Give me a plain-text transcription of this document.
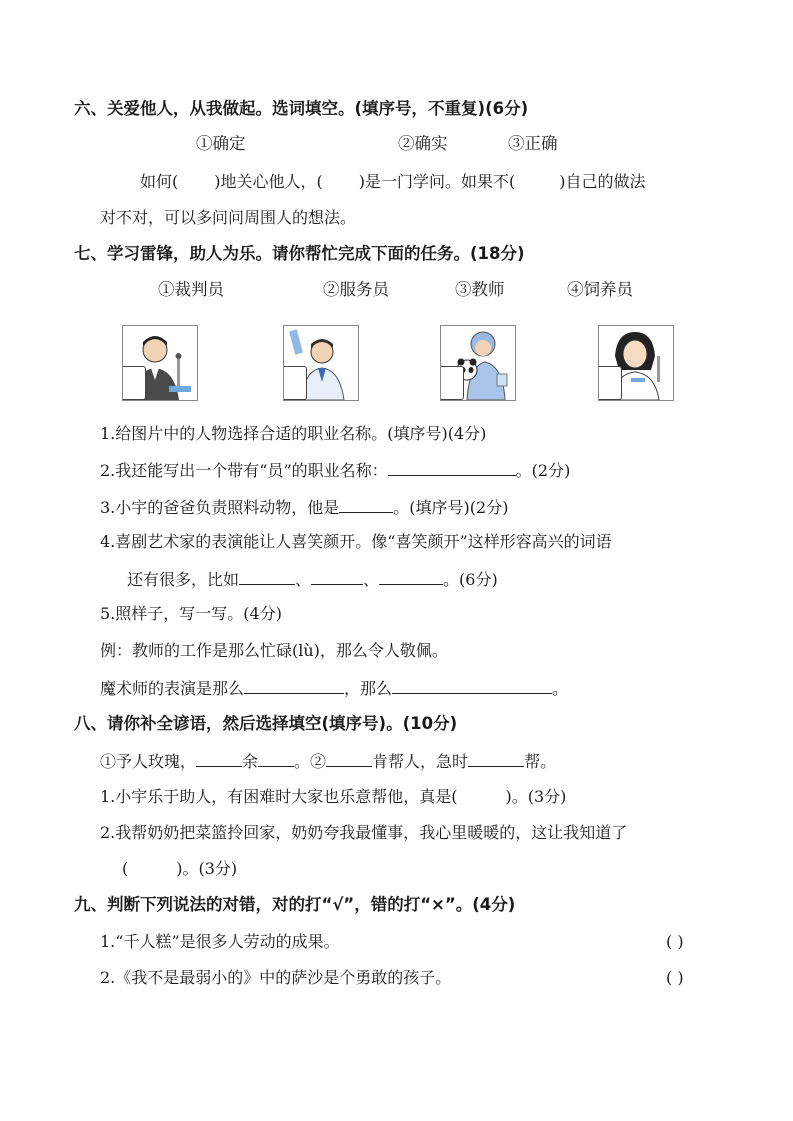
六、关爱他人，从我做起。选词填空。(填序号，不重复)(6分)
①确定	②确实	③正确
如何( )地关心他人，( )是一门学问。如果不(	)自己的做法
对不对，可以多问问周围人的想法。
七、学习雷锋，助人为乐。请你帮忙完成下面的任务。(18分)
①裁判员	②服务员	③教师	④饲养员
1.给图片中的人物选择合适的职业名称。(填序号)(4分)
2.我还能写出一个带有“员”的职业名称：	。(2分)
3.小宇的爸爸负责照料动物，他是	。(填序号)(2分)
4.喜剧艺术家的表演能让人喜笑颜开。像“喜笑颜开”这样形容高兴的词语
还有很多，比如	、	、	。(6分)
5.照样子，写一写。(4分)
例：教师的工作是那么忙碌(lù)，那么令人敬佩。
魔术师的表演是那么	，那么	。
八、请你补全谚语，然后选择填空(填序号)。(10分)
①予人玫瑰，	余 。②	肯帮人，急时	帮。
1.小宇乐于助人，有困难时大家也乐意帮他，真是(	)。(3分)
2.我帮奶奶把菜篮拎回家，奶奶夸我最懂事，我心里暖暖的，这让我知道了
(	)。(3分)
九、判断下列说法的对错，对的打“√”，错的打“×”。(4分)
1.“千人糕”是很多人劳动的成果。	( )
2.《我不是最弱小的》中的萨沙是个勇敢的孩子。	( )
